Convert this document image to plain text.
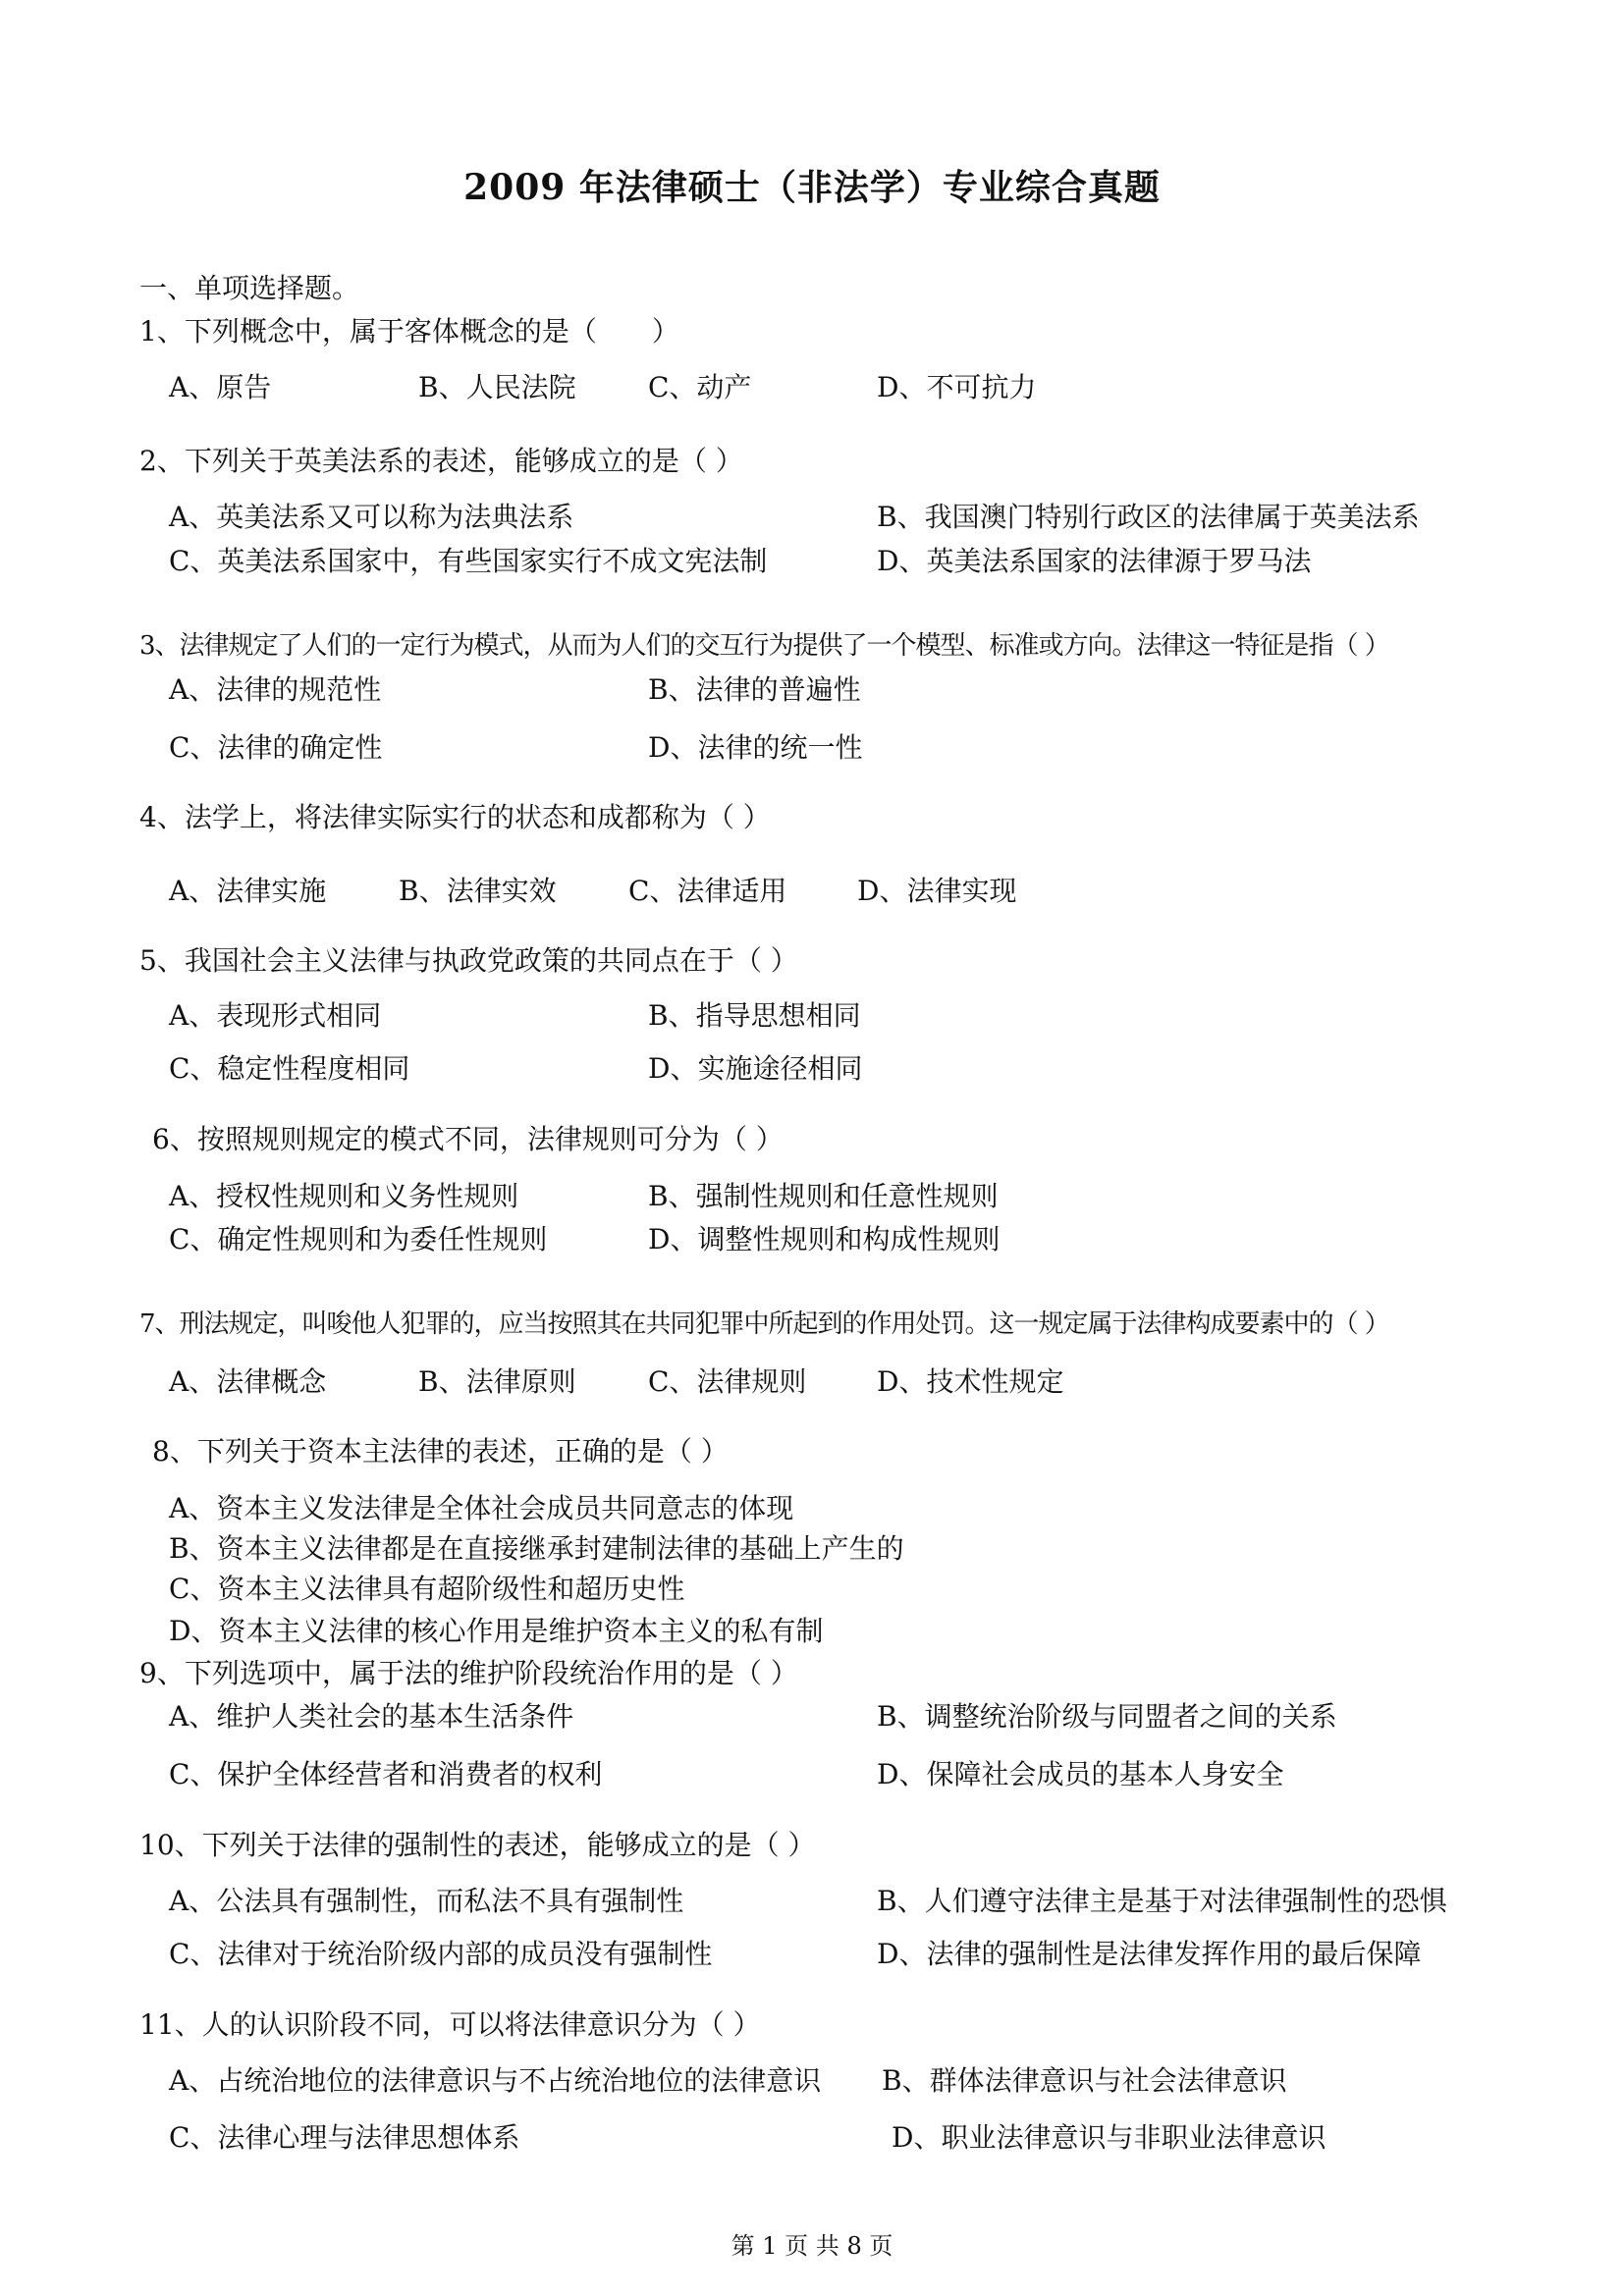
2009 年法律硕士（非法学）专业综合真题
一、单项选择题。
1、下列概念中，属于客体概念的是（　　）
A、原告	B、人民法院	C、动产	D、不可抗力
2、下列关于英美法系的表述，能够成立的是（ ）
A、英美法系又可以称为法典法系	B、我国澳门特别行政区的法律属于英美法系
C、英美法系国家中，有些国家实行不成文宪法制	D、英美法系国家的法律源于罗马法
3、法律规定了人们的一定行为模式，从而为人们的交互行为提供了一个模型、标准或方向。法律这一特征是指（ ）
A、法律的规范性	B、法律的普遍性
C、法律的确定性	D、法律的统一性
4、法学上，将法律实际实行的状态和成都称为（ ）
A、法律实施	B、法律实效	C、法律适用	D、法律实现
5、我国社会主义法律与执政党政策的共同点在于（ ）
A、表现形式相同	B、指导思想相同
C、稳定性程度相同	D、实施途径相同
6、按照规则规定的模式不同，法律规则可分为（ ）
A、授权性规则和义务性规则	B、强制性规则和任意性规则
C、确定性规则和为委任性规则	D、调整性规则和构成性规则
7、刑法规定，叫唆他人犯罪的，应当按照其在共同犯罪中所起到的作用处罚。这一规定属于法律构成要素中的（ ）
A、法律概念	B、法律原则	C、法律规则	D、技术性规定
8、下列关于资本主法律的表述，正确的是（ ）
A、资本主义发法律是全体社会成员共同意志的体现
B、资本主义法律都是在直接继承封建制法律的基础上产生的
C、资本主义法律具有超阶级性和超历史性
D、资本主义法律的核心作用是维护资本主义的私有制
9、下列选项中，属于法的维护阶段统治作用的是（ ）
A、维护人类社会的基本生活条件	B、调整统治阶级与同盟者之间的关系
C、保护全体经营者和消费者的权利	D、保障社会成员的基本人身安全
10、下列关于法律的强制性的表述，能够成立的是（ ）
A、公法具有强制性，而私法不具有强制性	B、人们遵守法律主是基于对法律强制性的恐惧
C、法律对于统治阶级内部的成员没有强制性	D、法律的强制性是法律发挥作用的最后保障
11、人的认识阶段不同，可以将法律意识分为（ ）
A、占统治地位的法律意识与不占统治地位的法律意识 B、群体法律意识与社会法律意识
C、法律心理与法律思想体系	D、职业法律意识与非职业法律意识
第 1 页 共 8 页
